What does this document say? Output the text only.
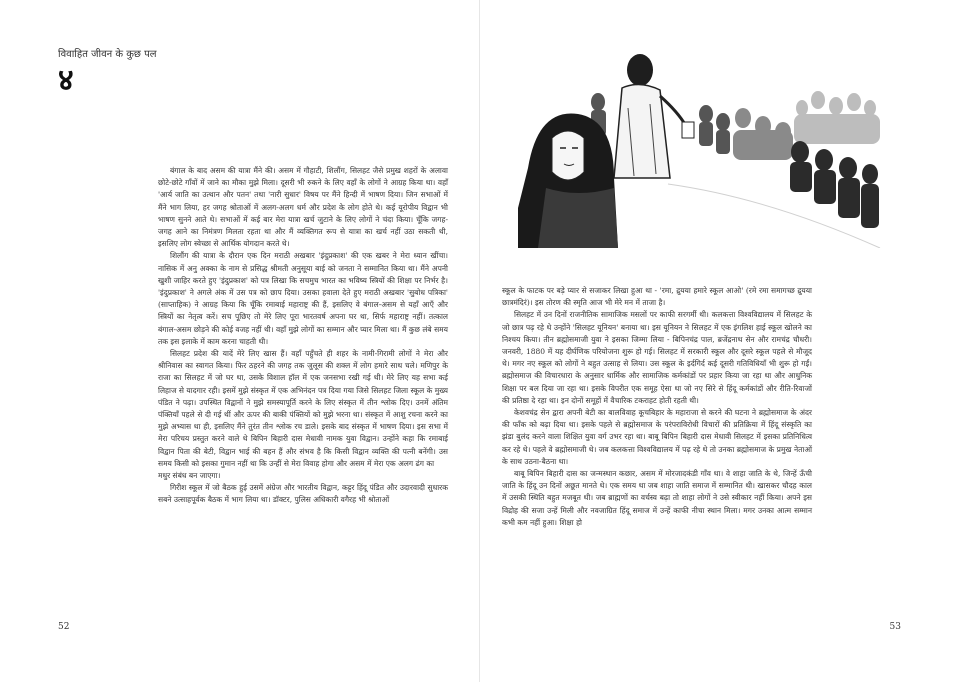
विवाहित जीवन के कुछ पल
४

बंगाल के बाद असम की यात्रा मैंने की। असम में गौहाटी, शिलौंग, सिलहट जैसे प्रमुख शहरों के अलावा छोटे-छोटे गाँवों में जाने का मौका मुझे मिला। दूसरी भी रुकने के लिए वहाँ के लोगों ने आग्रह किया था। वहाँ 'आर्य जाति का उत्थान और पतन' तथा 'नारी सुधार' विषय पर मैंने हिन्दी में भाषण दिया। जिन सभाओं में मैंने भाग लिया, हर जगह श्रोताओं में अलग-अलग धर्म और प्रदेश के लोग होते थे। कई यूरोपीय विद्वान भी भाषण सुनने आते थे। सभाओं में कई बार मेरा यात्रा खर्च जुटाने के लिए लोगों ने चंदा किया। चूँकि जगह-जगह आने का निमंत्रण मिलता रहता था और मैं व्यक्तिगत रूप से यात्रा का खर्च नहीं उठा सकती थी, इसलिए लोग स्वेच्छा से आर्थिक योगदान करते थे।

शिलौंग की यात्रा के दौरान एक दिन मराठी अखबार 'इंदुप्रकाश' की एक खबर ने मेरा ध्यान खींचा। नासिक में अनु अक्का के नाम से प्रसिद्ध श्रीमती अनुसूया बाई को जनता ने सम्मानित किया था। मैंने अपनी खुशी जाहिर करते हुए 'इंदुप्रकाश' को पत्र लिखा कि सचमुच भारत का भविष्य स्त्रियों की शिक्षा पर निर्भर है। 'इंदुप्रकाश' ने अगले अंक में उस पत्र को छाप दिया। उसका हवाला देते हुए मराठी अखबार 'सुबोध पत्रिका' (साप्ताहिक) ने आग्रह किया कि चूँकि रमाबाई महाराष्ट्र की हैं, इसलिए वे बंगाल-असम से यहाँ आएँ और स्त्रियों का नेतृत्व करें। सच पूछिए तो मेरे लिए पूरा भारतवर्ष अपना घर था, सिर्फ महाराष्ट्र नहीं। तत्काल बंगाल-असम छोड़ने की कोई वजह नहीं थी। वहाँ मुझे लोगों का सम्मान और प्यार मिला था। मैं कुछ लंबे समय तक इस इलाके में काम करना चाहती थी।

सिलहट प्रदेश की यादें मेरे लिए खास हैं। वहाँ पहुँचते ही शहर के नामी-गिरामी लोगों ने मेरा और श्रीनिवास का स्वागत किया। फिर ठहरने की जगह तक जुलूस की शक्ल में लोग हमारे साथ चले। मणिपुर के राजा का सिलहट में जो घर था, उसके विशाल हॉल में एक जनसभा रखी गई थी। मेरे लिए यह सभा कई लिहाज से यादगार रही। इसमें मुझे संस्कृत में एक अभिनंदन पत्र दिया गया जिसे सिलहट जिला स्कूल के मुख्य पंडित ने पढ़ा। उपस्थित विद्वानों ने मुझे समस्यापूर्ति करने के लिए संस्कृत में तीन श्लोक दिए। उनमें अंतिम पंक्तियाँ पहले से दी गई थीं और ऊपर की बाकी पंक्तियों को मुझे भरना था। संस्कृत में आशु रचना करने का मुझे अभ्यास था ही, इसलिए मैंने तुरंत तीन श्लोक रच डाले। इसके बाद संस्कृत में भाषण दिया। इस सभा में मेरा परिचय प्रस्तुत करने वाले थे बिपिन बिहारी दास मेधावी नामक युवा विद्वान। उन्होंने कहा कि रमाबाई विद्वान पिता की बेटी, विद्वान भाई की बहन हैं और संभव है कि किसी विद्वान व्यक्ति की पत्नी बनेंगी। उस समय किसी को इसका गुमान नहीं था कि उन्हीं से मेरा विवाह होगा और असम में मेरा एक अलग ढंग का

मधुर संबंध बन जाएगा।

गिरीश स्कूल में जो बैठक हुई उसमें अंग्रेज और भारतीय विद्वान, कट्टर हिंदू पंडित और उदारवादी सुधारक सबने उत्साहपूर्वक बैठक में भाग लिया था। डॉक्टर, पुलिस अधिकारी वगैरह भी श्रोताओं

52

स्कूल के फाटक पर बड़े प्यार से सजाकर लिखा हुआ था - 'रमा, द्रुयया हमारे स्कूल आओ' (रमे रमा समागच्छ द्रुयया छात्रमंदिरं)। इस तोरण की स्मृति आज भी मेरे मन में ताजा है।

सिलहट में उन दिनों राजनीतिक सामाजिक मसलों पर काफी सरगर्मी थी। कलकत्ता विश्वविद्यालय में सिलहट के जो छात्र पढ़ रहे थे उन्होंने 'सिलहट यूनियन' बनाया था। इस यूनियन ने सिलहट में एक इंगलिश हाई स्कूल खोलने का निश्चय किया। तीन ब्रह्मोसमाजी युवा ने इसका जिम्मा लिया - बिपिनचंद्र पाल, ब्रजेंद्रनाथ सेन और रामचंद्र चौधरी। जनवरी, 1880 में यह दीर्घणिक परियोजना शुरू हो गई। सिलहट में सरकारी स्कूल और दूसरे स्कूल पहले से मौजूद थे। मगर नए स्कूल को लोगों ने बहुत उत्साह से लिया। उस स्कूल के इर्दगिर्द कई दूसरी गतिविधियाँ भी शुरू हो गईं। ब्रह्मोसमाज की विचारधारा के अनुसार धार्मिक और सामाजिक कर्मकांडों पर प्रहार किया जा रहा था और आधुनिक शिक्षा पर बल दिया जा रहा था। इसके विपरीत एक समूह ऐसा था जो नए सिरे से हिंदू कर्मकांडों और रीति-रिवाजों की प्रतिष्ठा दे रहा था। इन दोनों समूहों में वैचारिक टकराहट होती रहती थी।

केशवचंद्र सेन द्वारा अपनी बेटी का बालविवाह कूचबिहार के महाराजा से करने की घटना ने ब्रह्मोसमाज के अंदर की फाँक को बढ़ा दिया था। इसके पहले से ब्रह्मोसमाज के परंपराविरोधी विचारों की प्रतिक्रिया में हिंदू संस्कृति का झंडा बुलंद करने वाला शिक्षित युवा वर्ग उभर रहा था। बाबू बिपिन बिहारी दास मेधावी सिलहट में इसका प्रतिनिधित्व कर रहे थे। पहले वे ब्रह्मोसमाजी थे। जब कलकत्ता विश्वविद्यालय में पढ़ रहे थे तो उनका ब्रह्मोसमाज के प्रमुख नेताओं के साथ उठना-बैठना था।

बाबू बिपिन बिहारी दास का जन्मस्थान कछार, असम में मोरजादकंडी गाँव था। वे शाहा जाति के थे, जिन्हें ऊँची जाति के हिंदू उन दिनों अछूत मानते थे। एक समय था जब शाहा जाति समाज में सम्मानित थी। खासकर चौदह काल में उसकी स्थिति बहुत मजबूत थी। जब ब्राह्मणों का वर्चस्व बढ़ा तो शाहा लोगों ने उसे स्वीकार नहीं किया। अपने इस विद्रोह की सजा उन्हें मिली और नवजाग्रित हिंदू समाज में उन्हें काफी नीचा स्थान मिला। मगर उनका आत्म सम्मान कभी कम नहीं हुआ। शिक्षा हो

53
